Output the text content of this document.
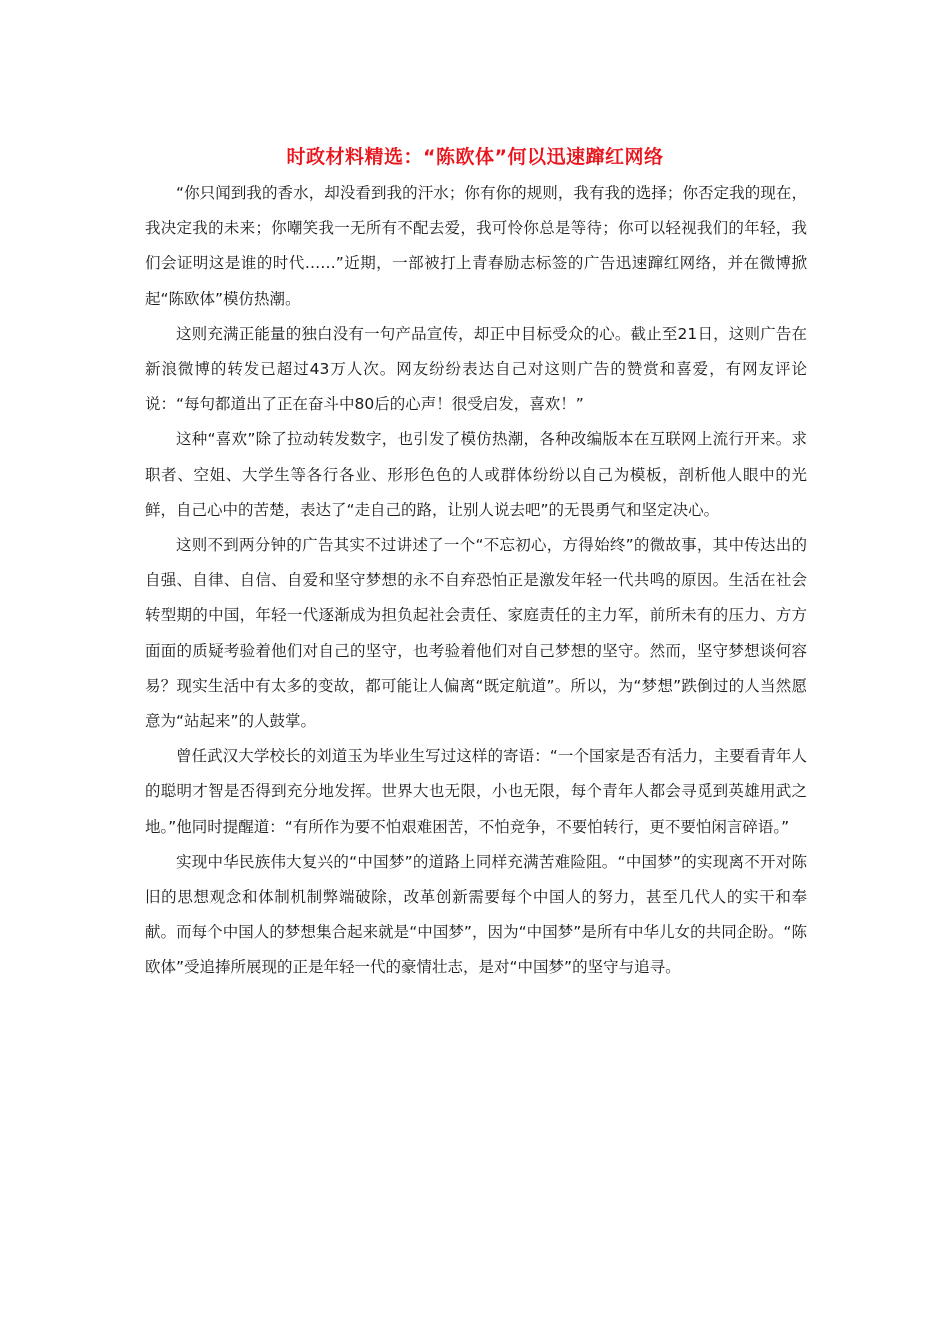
时政材料精选：“陈欧体”何以迅速蹿红网络

“你只闻到我的香水，却没看到我的汗水；你有你的规则，我有我的选择；你否定我的现在，我决定我的未来；你嘲笑我一无所有不配去爱，我可怜你总是等待；你可以轻视我们的年轻，我们会证明这是谁的时代……”近期，一部被打上青春励志标签的广告迅速蹿红网络，并在微博掀起“陈欧体”模仿热潮。

这则充满正能量的独白没有一句产品宣传，却正中目标受众的心。截止至21日，这则广告在新浪微博的转发已超过43万人次。网友纷纷表达自己对这则广告的赞赏和喜爱，有网友评论说：“每句都道出了正在奋斗中80后的心声！很受启发，喜欢！”

这种“喜欢”除了拉动转发数字，也引发了模仿热潮，各种改编版本在互联网上流行开来。求职者、空姐、大学生等各行各业、形形色色的人或群体纷纷以自己为模板，剖析他人眼中的光鲜，自己心中的苦楚，表达了“走自己的路，让别人说去吧”的无畏勇气和坚定决心。

这则不到两分钟的广告其实不过讲述了一个“不忘初心，方得始终”的微故事，其中传达出的自强、自律、自信、自爱和坚守梦想的永不自弃恐怕正是激发年轻一代共鸣的原因。生活在社会转型期的中国，年轻一代逐渐成为担负起社会责任、家庭责任的主力军，前所未有的压力、方方面面的质疑考验着他们对自己的坚守，也考验着他们对自己梦想的坚守。然而，坚守梦想谈何容易？现实生活中有太多的变故，都可能让人偏离“既定航道”。所以，为“梦想”跌倒过的人当然愿意为“站起来”的人鼓掌。

曾任武汉大学校长的刘道玉为毕业生写过这样的寄语：“一个国家是否有活力，主要看青年人的聪明才智是否得到充分地发挥。世界大也无限，小也无限，每个青年人都会寻觅到英雄用武之地。”他同时提醒道：“有所作为要不怕艰难困苦，不怕竞争，不要怕转行，更不要怕闲言碎语。”

实现中华民族伟大复兴的“中国梦”的道路上同样充满苦难险阻。“中国梦”的实现离不开对陈旧的思想观念和体制机制弊端破除，改革创新需要每个中国人的努力，甚至几代人的实干和奉献。而每个中国人的梦想集合起来就是“中国梦”，因为“中国梦”是所有中华儿女的共同企盼。“陈欧体”受追捧所展现的正是年轻一代的豪情壮志，是对“中国梦”的坚守与追寻。
